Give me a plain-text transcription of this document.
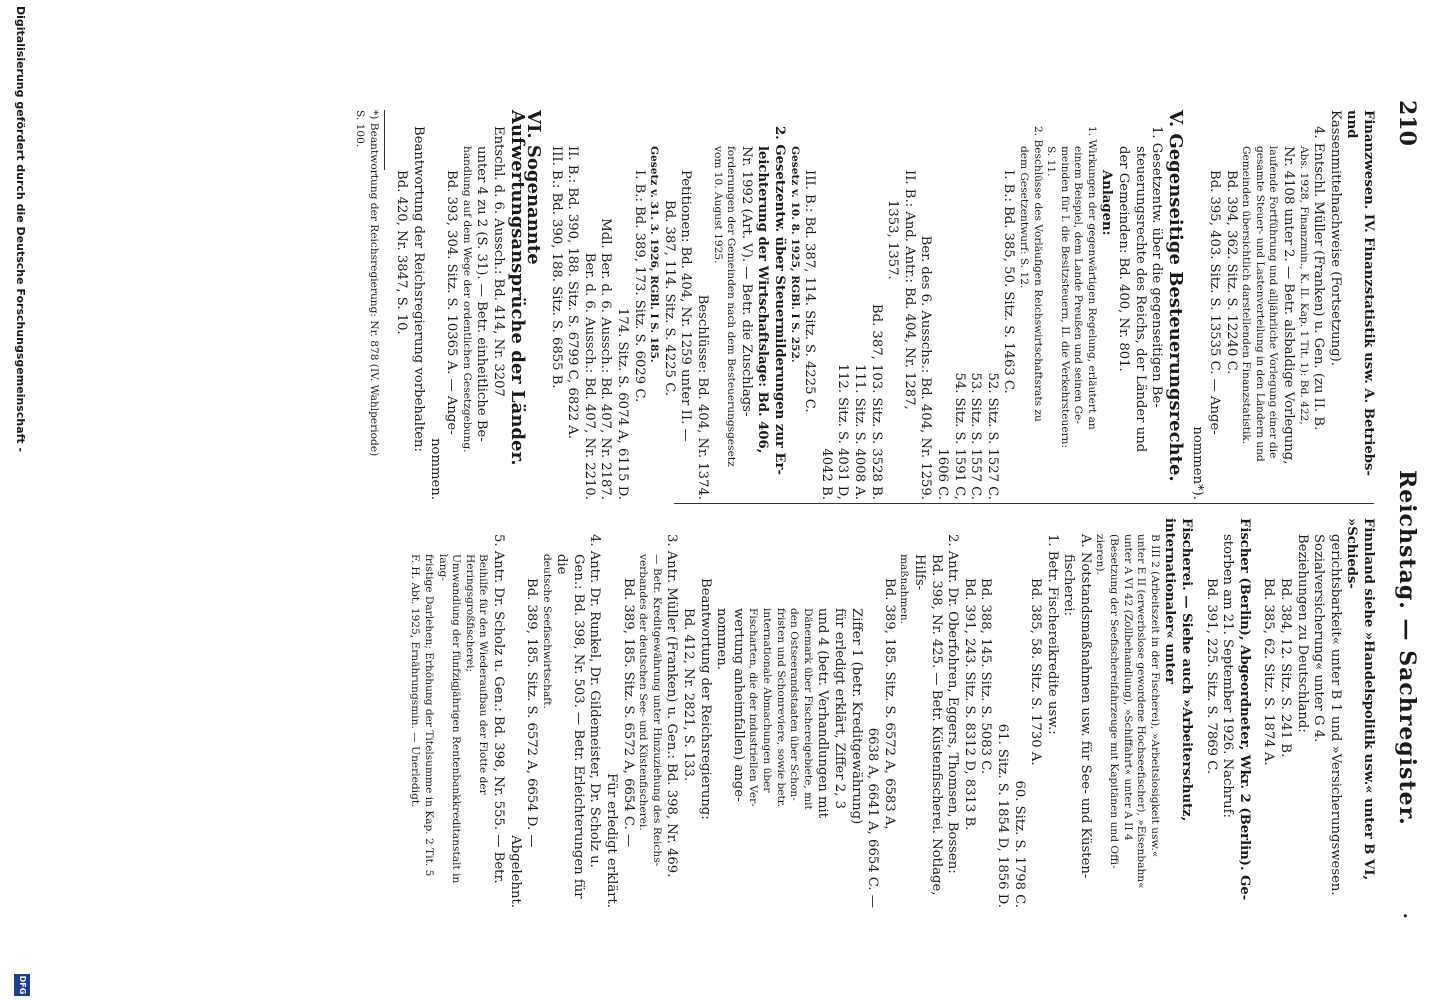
210
Reichstag. — Sachregister.
.

Finanzwesen. IV. Finanzstatistik usw. A. Betriebs- und

Kassenmittelnachweise (Fortsetzung).

4. Entschl. Müller (Franken) u. Gen. (zu II. B.

Abs. 1928, Finanzmin., K. II. Kap. 1 Tit. 1): Bd. 422,

Nr. 4108 unter 2. — Betr. alsbaldige Vorlegung,

laufende Fortführung und alljährliche Vorlegung einer die

gesamte Steuer- und Lastenverteilung in den Ländern und

Gemeinden übersichtlich darstellenden Finanzstatistik.

Bd. 394, 362. Sitz. S. 12240 C.

Bd. 395, 403. Sitz. S. 13535 C. — Ange-

nommen*).

V. Gegenseitige Besteuerungsrechte.

1. Gesetzentw. über die gegenseitigen Be-

steuerungsrechte des Reichs, der Länder und

der Gemeinden: Bd. 400, Nr. 801.

Anlagen:

1. Wirkungen der gegenwärtigen Regelung, erläutert an

einem Beispiel, dem Lande Preußen und seinen Ge-

meinden für I. die Besitzsteuern, II. die Verkehrsteuern:

S. 11.

2. Beschlüsse des Vorläufigen Reichswirtschaftsrats zu

dem Gesetzentwurf: S. 12.

I. B.: Bd. 385, 50. Sitz. S. 1463 C.

52. Sitz. S. 1527 C.

53. Sitz. S. 1557 C.

54. Sitz. S. 1591 C,

1606 C.

Ber. des 6. Ausschs.: Bd. 404, Nr. 1259.

II. B.: And. Antr.: Bd. 404, Nr. 1287,

1353, 1357.

Bd. 387, 103. Sitz. S. 3528 B.

111. Sitz. S. 4008 A.

112. Sitz. S. 4031 D,

4042 B.

III. B.: Bd. 387, 114. Sitz. S. 4225 C.

Gesetz v. 10. 8. 1925, RGBl. I S. 252.

2. Gesetzentw. über Steuermilderungen zur Er-

leichterung der Wirtschaftslage: Bd. 406,

Nr. 1992 (Art. V). — Betr. die Zuschlags-

forderungen der Gemeinden nach dem Besteuerungsgesetz

vom 10. August 1925.

Beschlüsse: Bd. 404, Nr. 1374.

Petitionen: Bd. 404, Nr. 1259 unter II. —

Bd. 387, 114. Sitz. S. 4225 C.

Gesetz v. 31. 3. 1926, RGBl. I S. 185.

I. B.: Bd. 389, 173. Sitz. S. 6029 C.

174. Sitz. S. 6074 A, 6115 D.

Mdl. Ber. d. 6. Aussch.: Bd. 407, Nr. 2187.

Ber. d. 6. Aussch.: Bd. 407, Nr. 2210.

II. B.: Bd. 390, 188. Sitz. S. 6799 C, 6822 A.

III. B.: Bd. 390, 188. Sitz. S. 6855 B.

VI. Sogenannte Aufwertungsansprüche der Länder.

Entschl. d. 6. Aussch.: Bd. 414, Nr. 3207

unter 4 zu 2 (S. 31). — Betr. einheitliche Be-

handlung auf dem Wege der ordentlichen Gesetzgebung.

Bd. 393, 304. Sitz. S. 10365 A. — Ange-

nommen.

Beantwortung der Reichsregierung vorbehalten:

Bd. 420, Nr. 3847, S. 10.

*) Beantwortung der Reichsregierung: Nr. 878 (IV. Wahlperiode)

S. 100.

Finnland siehe »Handelspolitik usw.« unter B VI, »Schieds-

gerichtsbarkeit« unter B 1 und »Versicherungswesen.

Sozialversicherung« unter G 4.

Beziehungen zu Deutschland:

Bd. 384, 12. Sitz. S. 241 B.

Bd. 385, 62. Sitz. S. 1874 A.

Fischer (Berlin), Abgeordneter, Wkr. 2 (Berlin). Ge-

storben am 21. September 1926. Nachruf:

Bd. 391, 225. Sitz. S. 7869 C.

Fischerei. — Siehe auch »Arbeiterschutz, internationaler« unter

B III 2 (Arbeitszeit in der Fischerei), »Arbeitslosigkeit usw.«

unter E II (erwerbslose gewordene Hochseefischer), »Eisenbahn«

unter A VI 42 (Zollbehandlung), »Schiffahrt« unter A II 4

(Besetzung der Seefischereifahrzeuge mit Kapitänen und Offi-

zieren).

A. Notstandsmaßnahmen usw. für See- und Küsten-

fischerei:

1. Betr. Fischereikredite usw.:

Bd. 385, 58. Sitz. S. 1730 A.

60. Sitz. S. 1798 C.

61. Sitz. S. 1854 D, 1856 D.

Bd. 388, 145. Sitz. S. 5083 C.

Bd. 391, 243. Sitz. S. 8312 D, 8313 B.

2. Antr. Dr. Oberfohren, Eggers, Thomsen, Bossen:

Bd. 398, Nr. 425. — Betr. Küstenfischerei. Notlage, Hilfs-

maßnahmen.

Bd. 389, 185. Sitz. S. 6572 A, 6583 A,

6638 A, 6641 A, 6654 C. —

Ziffer 1 (betr. Kreditgewährung)

für erledigt erklärt, Ziffer 2, 3

und 4 (betr. Verhandlungen mit

Dänemark über Fischereigebiete, mit

den Ostseerandstaaten über Schon-

fristen und Schonreviere, sowie betr.

internationale Abmachungen über

Fischarten, die der industriellen Ver-

wertung anheimfallen) ange-

nommen.

Beantwortung der Reichsregierung:

Bd. 412, Nr. 2821, S. 133.

3. Antr. Müller (Franken) u. Gen.: Bd. 398, Nr. 469.

— Betr. Kreditgewährung unter Hinzuziehung des Reichs-

verbandes der deutschen See- und Küstenfischerei.

Bd. 389, 185. Sitz. S. 6572 A, 6654 C. —

Für erledigt erklärt.

4. Antr. Dr. Runkel, Dr. Gildemeister, Dr. Scholz u.

Gen.: Bd. 398, Nr. 503. — Betr. Erleichterungen für die

deutsche Seefischwirtschaft.

Bd. 389, 185. Sitz. S. 6572 A, 6654 D. —

Abgelehnt.

5. Antr. Dr. Scholz u. Gen.: Bd. 398, Nr. 555. — Betr.

Beihilfe für den Wiederaufbau der Flotte der Heringsgroßfischerei;

Umwandlung der fünfzigjährigen Rentenbankkreditanstalt in lang-

fristige Darlehen; Erhöhung der Titelsumme in Kap. 2 Tit. 5

F. H. Abt. 1925, Ernährungsmin. — Unerledigt.

Digitalisierung gefördert durch die Deutsche Forschungsgemeinschaft -
DFG
